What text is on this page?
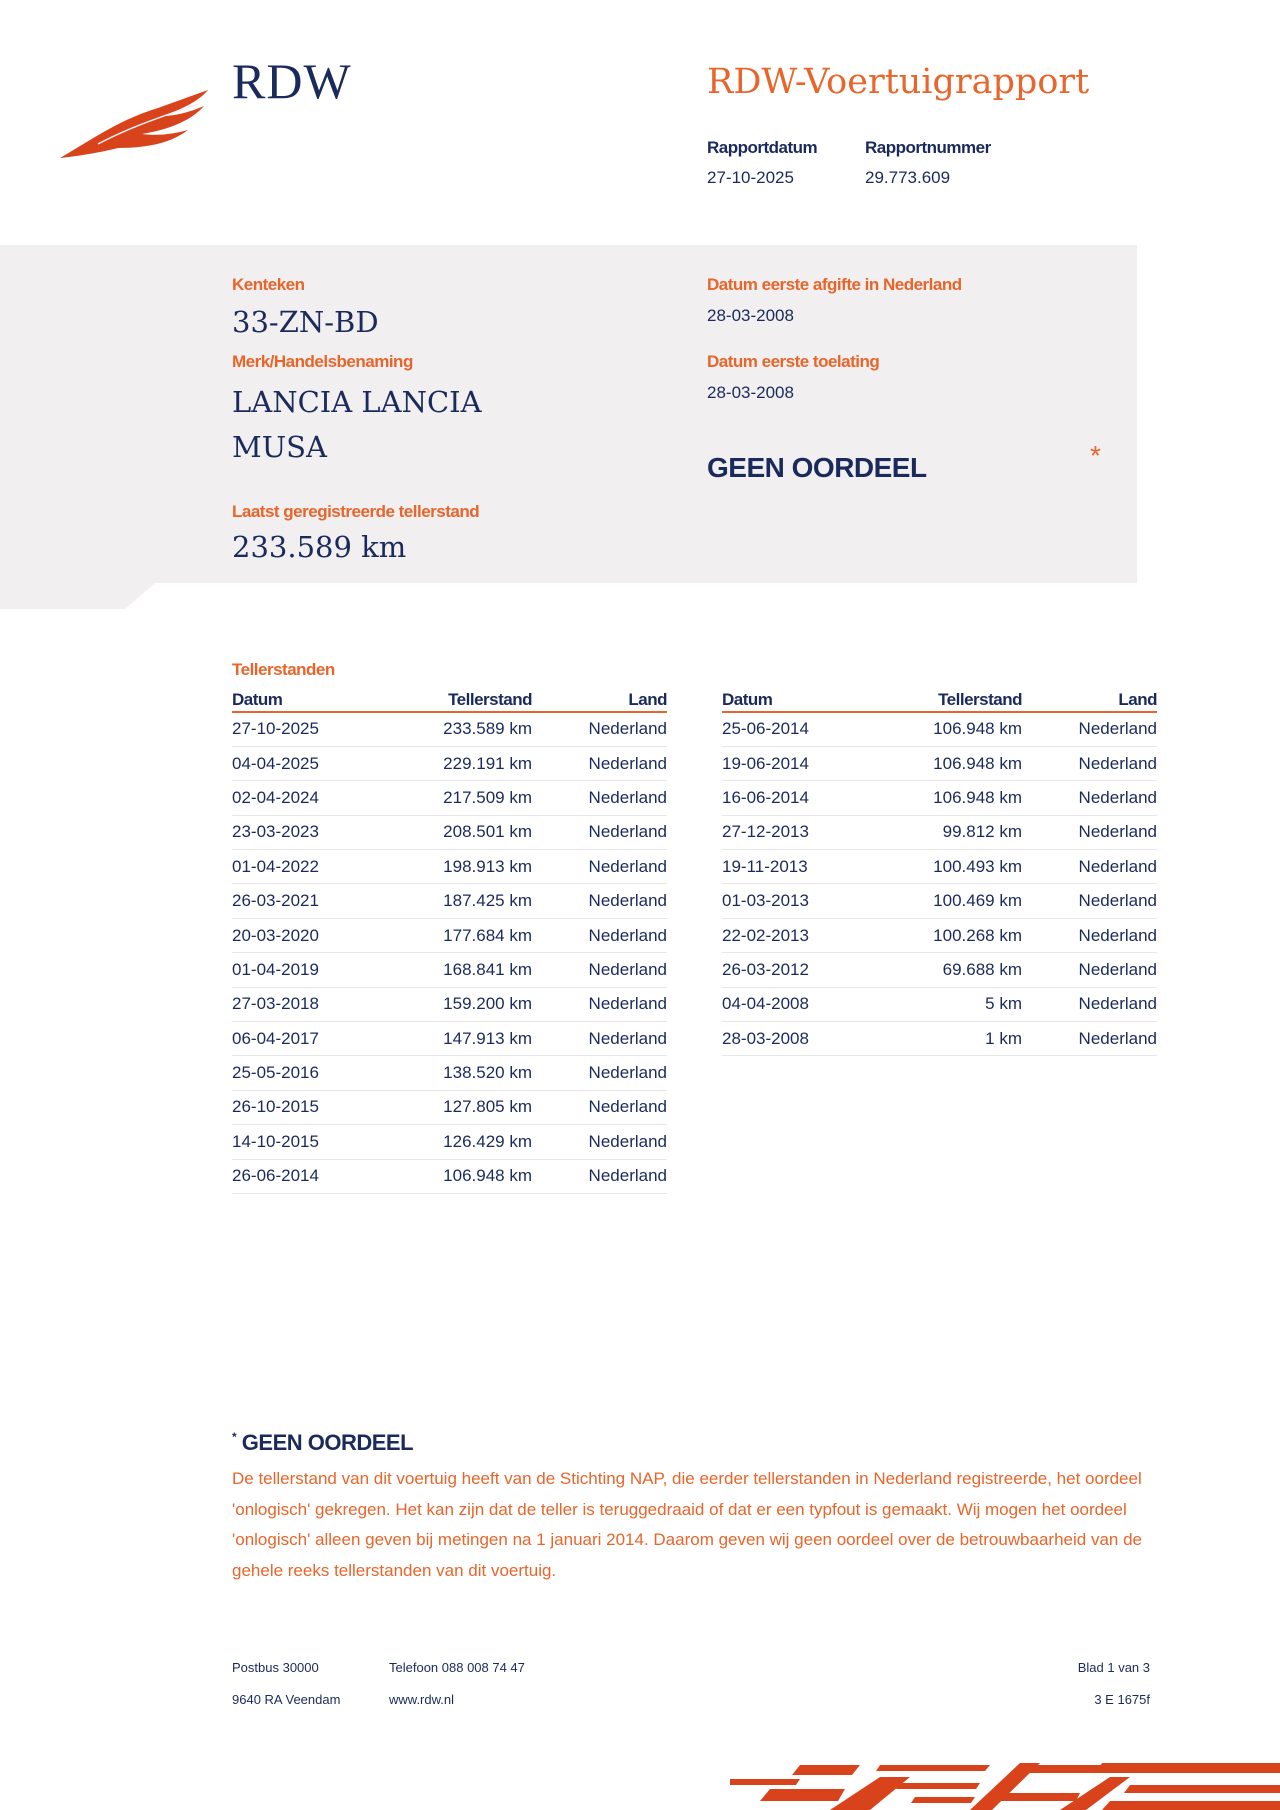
RDW	RDW-Voertuigrapport
Rapportdatum
27-10-2025
Rapportnummer
29.773.609
Kenteken
33-ZN-BD
Merk/Handelsbenaming
LANCIA LANCIA
MUSA
Laatst geregistreerde tellerstand
233.589 km
Datum eerste afgifte in Nederland
28-03-2008
Datum eerste toelating
28-03-2008
GEEN OORDEEL	*
Tellerstanden
Datum	Tellerstand	Land
27-10-2025	233.589 km	Nederland
04-04-2025	229.191 km	Nederland
02-04-2024	217.509 km	Nederland
23-03-2023	208.501 km	Nederland
01-04-2022	198.913 km	Nederland
26-03-2021	187.425 km	Nederland
20-03-2020	177.684 km	Nederland
01-04-2019	168.841 km	Nederland
27-03-2018	159.200 km	Nederland
06-04-2017	147.913 km	Nederland
25-05-2016	138.520 km	Nederland
26-10-2015	127.805 km	Nederland
14-10-2015	126.429 km	Nederland
26-06-2014	106.948 km	Nederland
Datum	Tellerstand	Land
25-06-2014	106.948 km	Nederland
19-06-2014	106.948 km	Nederland
16-06-2014	106.948 km	Nederland
27-12-2013	99.812 km	Nederland
19-11-2013	100.493 km	Nederland
01-03-2013	100.469 km	Nederland
22-02-2013	100.268 km	Nederland
26-03-2012	69.688 km	Nederland
04-04-2008	5 km	Nederland
28-03-2008	1 km	Nederland
* GEEN OORDEEL
De tellerstand van dit voertuig heeft van de Stichting NAP, die eerder tellerstanden in Nederland registreerde, het oordeel 'onlogisch' gekregen. Het kan zijn dat de teller is teruggedraaid of dat er een typfout is gemaakt. Wij mogen het oordeel 'onlogisch' alleen geven bij metingen na 1 januari 2014. Daarom geven wij geen oordeel over de betrouwbaarheid van de gehele reeks tellerstanden van dit voertuig.
Postbus 30000
9640 RA Veendam
Telefoon 088 008 74 47
www.rdw.nl
Blad 1 van 3
3 E 1675f
